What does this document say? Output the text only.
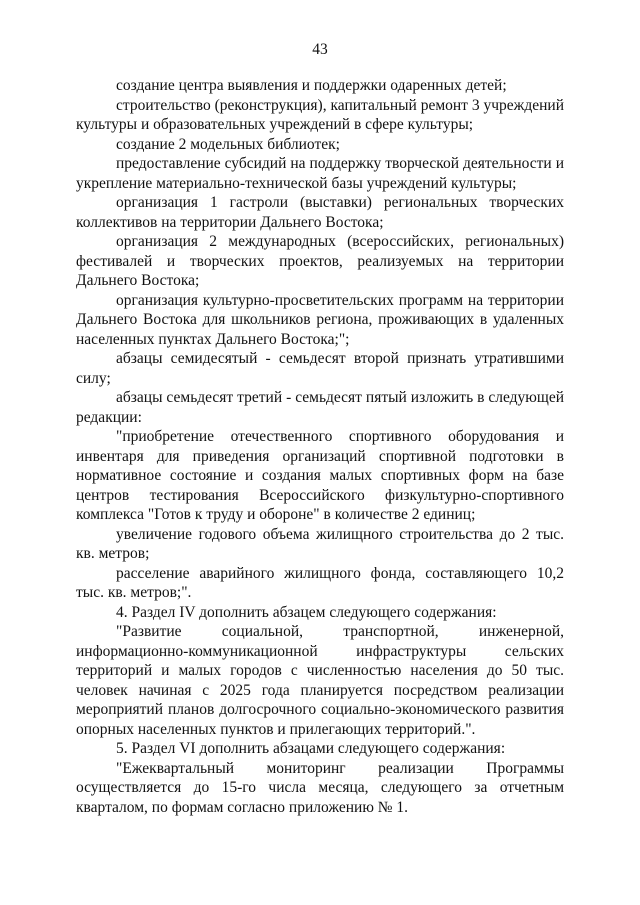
43

создание центра выявления и поддержки одаренных детей;

строительство (реконструкция), капитальный ремонт 3 учреждений культуры и образовательных учреждений в сфере культуры;

создание 2 модельных библиотек;

предоставление субсидий на поддержку творческой деятельности и укрепление материально-технической базы учреждений культуры;

организация 1 гастроли (выставки) региональных творческих коллективов на территории Дальнего Востока;

организация 2 международных (всероссийских, региональных) фестивалей и творческих проектов, реализуемых на территории Дальнего Востока;

организация культурно-просветительских программ на территории Дальнего Востока для школьников региона, проживающих в удаленных населенных пунктах Дальнего Востока;";

абзацы семидесятый - семьдесят второй признать утратившими силу;

абзацы семьдесят третий - семьдесят пятый изложить в следующей редакции:

"приобретение отечественного спортивного оборудования и инвентаря для приведения организаций спортивной подготовки в нормативное состояние и создания малых спортивных форм на базе центров тестирования Всероссийского физкультурно-спортивного комплекса "Готов к труду и обороне" в количестве 2 единиц;

увеличение годового объема жилищного строительства до 2 тыс. кв. метров;

расселение аварийного жилищного фонда, составляющего 10,2 тыс. кв. метров;".

4. Раздел IV дополнить абзацем следующего содержания:

"Развитие социальной, транспортной, инженерной, информационно-коммуникационной инфраструктуры сельских территорий и малых городов с численностью населения до 50 тыс. человек начиная с 2025 года планируется посредством реализации мероприятий планов долгосрочного социально-экономического развития опорных населенных пунктов и прилегающих территорий.".

5. Раздел VI дополнить абзацами следующего содержания:

"Ежеквартальный мониторинг реализации Программы осуществляется до 15-го числа месяца, следующего за отчетным кварталом, по формам согласно приложению № 1.
